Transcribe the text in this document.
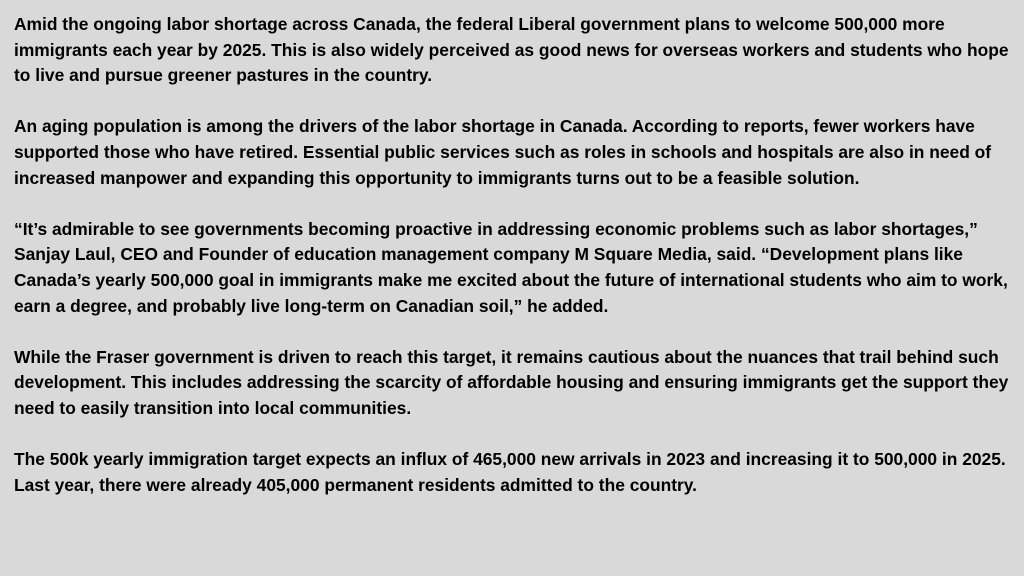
Amid the ongoing labor shortage across Canada, the federal Liberal government plans to welcome 500,000 more immigrants each year by 2025. This is also widely perceived as good news for overseas workers and students who hope to live and pursue greener pastures in the country.

An aging population is among the drivers of the labor shortage in Canada. According to reports, fewer workers have supported those who have retired. Essential public services such as roles in schools and hospitals are also in need of increased manpower and expanding this opportunity to immigrants turns out to be a feasible solution.

“It’s admirable to see governments becoming proactive in addressing economic problems such as labor shortages,” Sanjay Laul, CEO and Founder of education management company M Square Media, said. “Development plans like Canada’s yearly 500,000 goal in immigrants make me excited about the future of international students who aim to work, earn a degree, and probably live long-term on Canadian soil,” he added.

While the Fraser government is driven to reach this target, it remains cautious about the nuances that trail behind such development. This includes addressing the scarcity of affordable housing and ensuring immigrants get the support they need to easily transition into local communities.

The 500k yearly immigration target expects an influx of 465,000 new arrivals in 2023 and increasing it to 500,000 in 2025. Last year, there were already 405,000 permanent residents admitted to the country.
